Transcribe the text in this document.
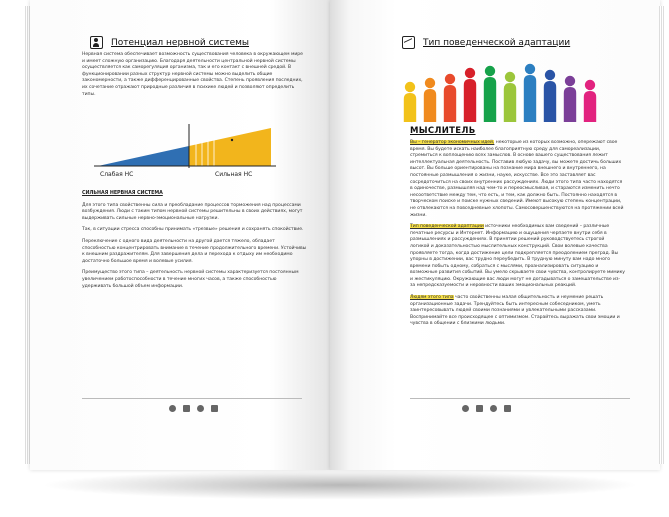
Потенциал нервной системы

Нервная система обеспечивает возможность существования человека в окружающем мире и имеет сложную организацию. Благодаря деятельности центральной нервной системы осуществляется как саморегуляция организма, так и его контакт с внешней средой. В функционировании разных структур нервной системы можно выделить общие закономерности, а также дифференцированные свойства. Степень проявления последних, их сочетание отражают природные различия в психике людей и позволяют определить типы.

Слабая НС	Сильная НС

СИЛЬНАЯ НЕРВНАЯ СИСТЕМА

Для этого типа свойственны сила и преобладание процессов торможения над процессами возбуждения. Люди с таким типом нервной системы решительны в своих действиях, могут выдерживать сильные нервно-эмоциональные нагрузки.

Так, в ситуации стресса способны принимать «трезвые» решения и сохранять спокойствие.

Переключение с одного вида деятельности на другой дается тяжело, обладает способностью концентрировать внимание в течение продолжительного времени. Устойчивы к внешним раздражителям. Для завершения дела и перехода к отдыху им необходимо достаточно большое время и волевые усилия.

Преимущество этого типа – деятельность нервной системы характеризуется постоянным увеличением работоспособности в течение многих часов, а также способностью удерживать большой объем информации.

Тип поведенческой адаптации
МЫСЛИТЕЛЬ

Вы – генератор экономичных идей, некоторые из которых возможно, опережают свое время. Вы будете искать наиболее благоприятную среду для самореализации, стремиться к воплощению всех замыслов. В основе вашего существования лежит интеллектуальная деятельность. Поставив любую задачу, вы можете достичь больших высот. Вы больше ориентированы на познание мира внешнего и внутреннего, на постоянные размышления о жизни, науке, искусстве. Все это заставляет вас сосредоточиться на своих внутренних рассуждениях. Люди этого типа часто находятся в одиночестве, размышляя над чем-то и переосмысливая, и стараются изменить нечто несоответствие между тем, что есть, и тем, как должно быть. Постоянно находятся в творческом поиске и поиске нужных сведений. Имеют высокую степень концентрации, не отвлекаются на повседневные хлопоты. Самосовершенствуются на протяжении всей жизни.

Тип поведенческой адаптации источники необходимых вам сведений – различные печатные ресурсы и Интернет. Информацию и ощущения черпаете внутри себя в размышлениях и рассуждениях. В принятии решений руководствуетесь строгой логикой и доказательностью мыслительных конструкций. Свои волевые качества проявляете тогда, когда достижение цели подкрепляется преодолением преград. Вы упорны в достижении, вас трудно переубедить. В трудную минуту вам надо много времени побыть одному, собраться с мыслями, проанализировать ситуацию и возможные развития событий. Вы умело скрываете свои чувства, контролируете мимику и жестикуляцию. Окружающие вас люди могут не догадываться о замешательстве из-за непредсказуемости и неровности ваших эмоциональных реакций.

Людям этого типа часто свойственны малая общительность и неумение решать организационные задачи. Трендуйтесь быть интересным собеседником, уметь заинтересовывать людей своими познаниями и увлекательными рассказами. Воспринимайте все происходящее с оптимизмом. Старайтесь выражать свои эмоции и чувства в общении с близкими людьми.
